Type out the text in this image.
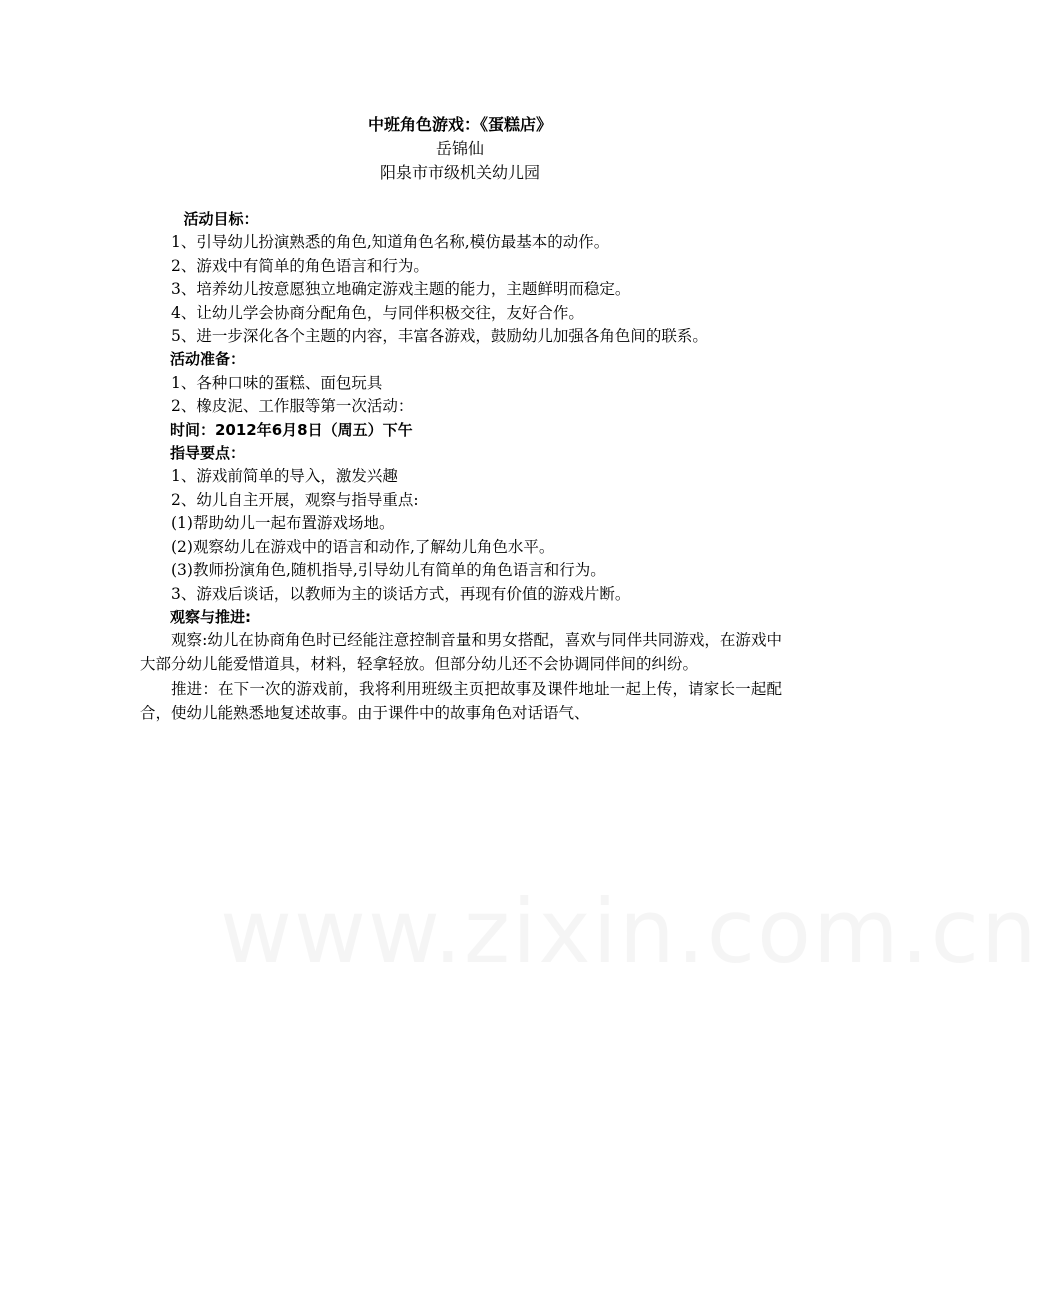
中班角色游戏：《蛋糕店》
岳锦仙
阳泉市市级机关幼儿园

活动目标：

1、引导幼儿扮演熟悉的角色,知道角色名称,模仿最基本的动作。

2、游戏中有简单的角色语言和行为。

3、培养幼儿按意愿独立地确定游戏主题的能力，主题鲜明而稳定。

4、让幼儿学会协商分配角色，与同伴积极交往，友好合作。

5、进一步深化各个主题的内容，丰富各游戏，鼓励幼儿加强各角色间的联系。

活动准备：

1、各种口味的蛋糕、面包玩具

2、橡皮泥、工作服等第一次活动：

时间：2012年6月8日（周五）下午

指导要点：

1、游戏前简单的导入，激发兴趣

2、幼儿自主开展，观察与指导重点:

(1)帮助幼儿一起布置游戏场地。

(2)观察幼儿在游戏中的语言和动作,了解幼儿角色水平。

(3)教师扮演角色,随机指导,引导幼儿有简单的角色语言和行为。

3、游戏后谈话，以教师为主的谈话方式，再现有价值的游戏片断。

观察与推进:

观察:幼儿在协商角色时已经能注意控制音量和男女搭配，喜欢与同伴共同游戏，在游戏中大部分幼儿能爱惜道具，材料，轻拿轻放。但部分幼儿还不会协调同伴间的纠纷。

推进：在下一次的游戏前，我将利用班级主页把故事及课件地址一起上传，请家长一起配合，使幼儿能熟悉地复述故事。由于课件中的故事角色对话语气、

www.zixin.com.cn
